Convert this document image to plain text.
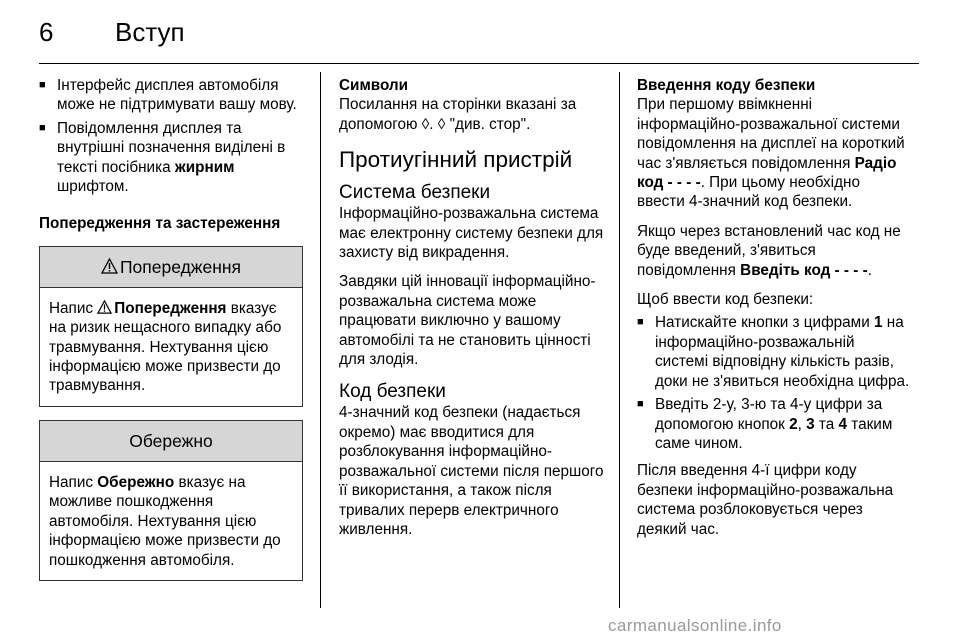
6 Вступ
■ Інтерфейс дисплея автомобіля може не підтримувати вашу мову.
■ Повідомлення дисплея та внутрішні позначення виділені в тексті посібника жирним шрифтом.
Попередження та застереження
Попередження
Напис Попередження вказує на ризик нещасного випадку або травмування. Нехтування цією інформацією може призвести до травмування.
Обережно
Напис Обережно вказує на можливе пошкодження автомобіля. Нехтування цією інформацією може призвести до пошкодження автомобіля.
Символи

Посилання на сторінки вказані за допомогою ◊. ◊ "див. стор".

Протиугінний пристрій
Система безпеки

Інформаційно-розважальна система має електронну систему безпеки для захисту від викрадення.

Завдяки цій інновації інформаційно-розважальна система може працювати виключно у вашому автомобілі та не становить цінності для злодія.

Код безпеки

4-значний код безпеки (надається окремо) має вводитися для розблокування інформаційно-розважальної системи після першого її використання, а також після тривалих перерв електричного живлення.

Введення коду безпеки

При першому ввімкненні інформаційно-розважальної системи повідомлення на дисплеї на короткий час з'являється повідомлення Радіо код - - - -. При цьому необхідно ввести 4-значний код безпеки.

Якщо через встановлений час код не буде введений, з'явиться повідомлення Введіть код - - - -.

Щоб ввести код безпеки:

■ Натискайте кнопки з цифрами 1 на інформаційно-розважальній системі відповідну кількість разів, доки не з'явиться необхідна цифра.
■ Введіть 2-у, 3-ю та 4-у цифри за допомогою кнопок 2, 3 та 4 таким саме чином.

Після введення 4-ї цифри коду безпеки інформаційно-розважальна система розблоковується через деякий час.

carmanualsonline.info
